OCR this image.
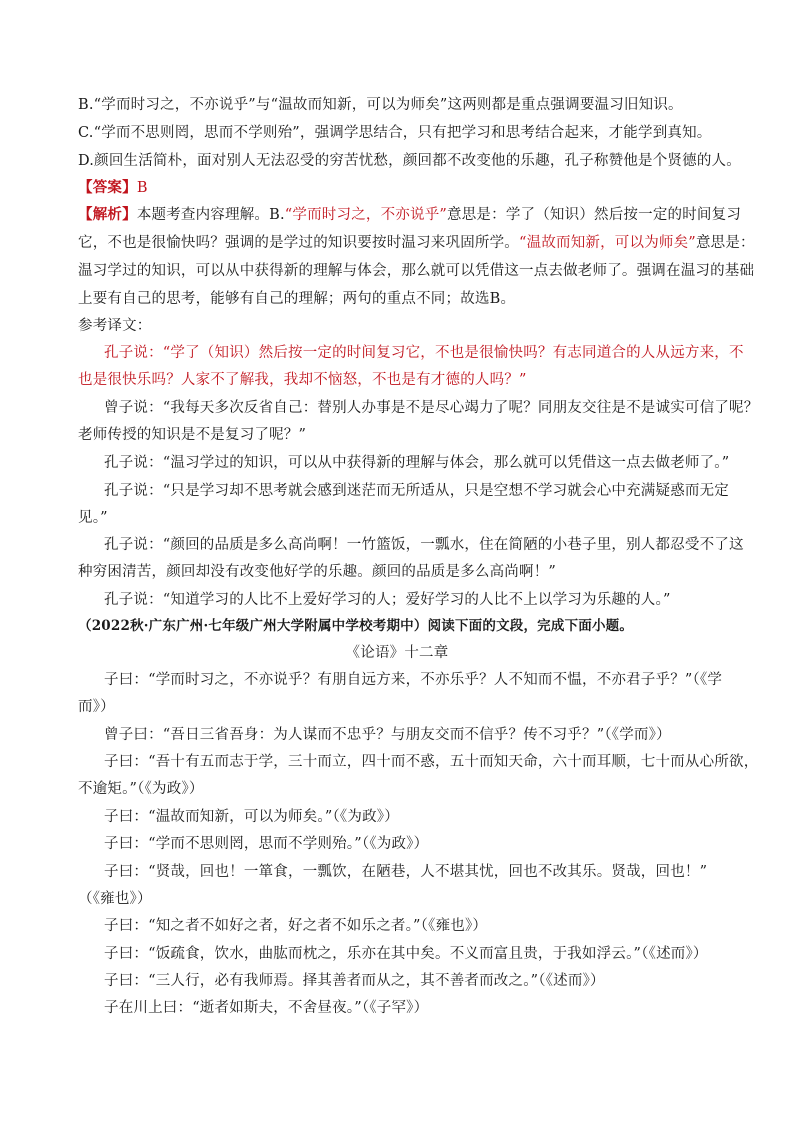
B.“学而时习之，不亦说乎”与“温故而知新，可以为师矣”这两则都是重点强调要温习旧知识。
C.“学而不思则罔，思而不学则殆”，强调学思结合，只有把学习和思考结合起来，才能学到真知。
D.颜回生活简朴，面对别人无法忍受的穷苦忧愁，颜回都不改变他的乐趣，孔子称赞他是个贤德的人。
【答案】B
【解析】本题考查内容理解。B.“学而时习之，不亦说乎”意思是：学了（知识）然后按一定的时间复习
它，不也是很愉快吗？强调的是学过的知识要按时温习来巩固所学。“温故而知新，可以为师矣”意思是：
温习学过的知识，可以从中获得新的理解与体会，那么就可以凭借这一点去做老师了。强调在温习的基础
上要有自己的思考，能够有自己的理解；两句的重点不同；故选B。
参考译文：
孔子说：“学了（知识）然后按一定的时间复习它，不也是很愉快吗？有志同道合的人从远方来，不
也是很快乐吗？人家不了解我，我却不恼怒，不也是有才德的人吗？”
曾子说：“我每天多次反省自己：替别人办事是不是尽心竭力了呢？同朋友交往是不是诚实可信了呢？
老师传授的知识是不是复习了呢？”
孔子说：“温习学过的知识，可以从中获得新的理解与体会，那么就可以凭借这一点去做老师了。”
孔子说：“只是学习却不思考就会感到迷茫而无所适从，只是空想不学习就会心中充满疑惑而无定
见。”
孔子说：“颜回的品质是多么高尚啊！一竹篮饭，一瓢水，住在简陋的小巷子里，别人都忍受不了这
种穷困清苦，颜回却没有改变他好学的乐趣。颜回的品质是多么高尚啊！”
孔子说：“知道学习的人比不上爱好学习的人；爱好学习的人比不上以学习为乐趣的人。”
（2022秋·广东广州·七年级广州大学附属中学校考期中）阅读下面的文段，完成下面小题。
《论语》十二章
子曰：“学而时习之，不亦说乎？有朋自远方来，不亦乐乎？人不知而不愠，不亦君子乎？”（《学
而》）
曾子曰：“吾日三省吾身：为人谋而不忠乎？与朋友交而不信乎？传不习乎？”（《学而》）
子曰：“吾十有五而志于学，三十而立，四十而不惑，五十而知天命，六十而耳顺，七十而从心所欲，
不逾矩。”（《为政》）
子曰：“温故而知新，可以为师矣。”（《为政》）
子曰：“学而不思则罔，思而不学则殆。”（《为政》）
子曰：“贤哉，回也！一箪食，一瓢饮，在陋巷，人不堪其忧，回也不改其乐。贤哉，回也！”
（《雍也》）
子曰：“知之者不如好之者，好之者不如乐之者。”（《雍也》）
子曰：“饭疏食，饮水，曲肱而枕之，乐亦在其中矣。不义而富且贵，于我如浮云。”（《述而》）
子曰：“三人行，必有我师焉。择其善者而从之，其不善者而改之。”（《述而》）
子在川上曰：“逝者如斯夫，不舍昼夜。”（《子罕》）
